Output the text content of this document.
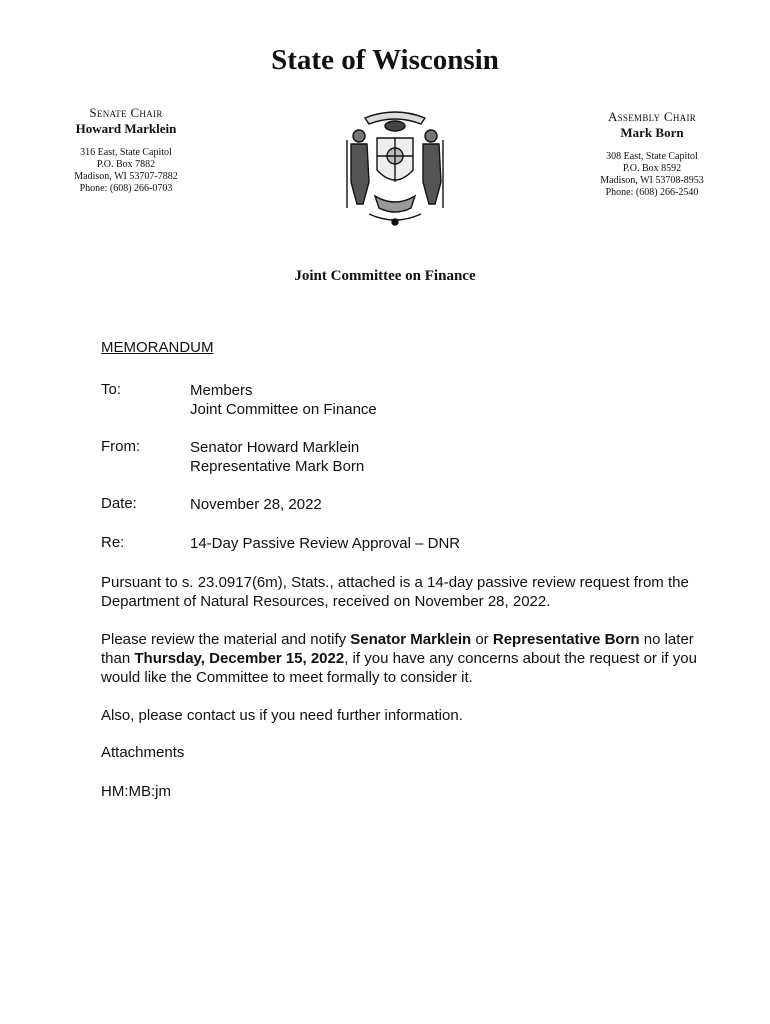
State of Wisconsin
Senate Chair
Howard Marklein
316 East, State Capitol
P.O. Box 7882
Madison, WI 53707-7882
Phone: (608) 266-0703
Assembly Chair
Mark Born
308 East, State Capitol
P.O. Box 8592
Madison, WI 53708-8953
Phone: (608) 266-2540
Joint Committee on Finance
MEMORANDUM
To:	Members
Joint Committee on Finance
From:	Senator Howard Marklein
Representative Mark Born
Date:	November 28, 2022
Re:	14-Day Passive Review Approval – DNR
Pursuant to s. 23.0917(6m), Stats., attached is a 14-day passive review request from the Department of Natural Resources, received on November 28, 2022.
Please review the material and notify Senator Marklein or Representative Born no later than Thursday, December 15, 2022, if you have any concerns about the request or if you would like the Committee to meet formally to consider it.
Also, please contact us if you need further information.
Attachments
HM:MB:jm
